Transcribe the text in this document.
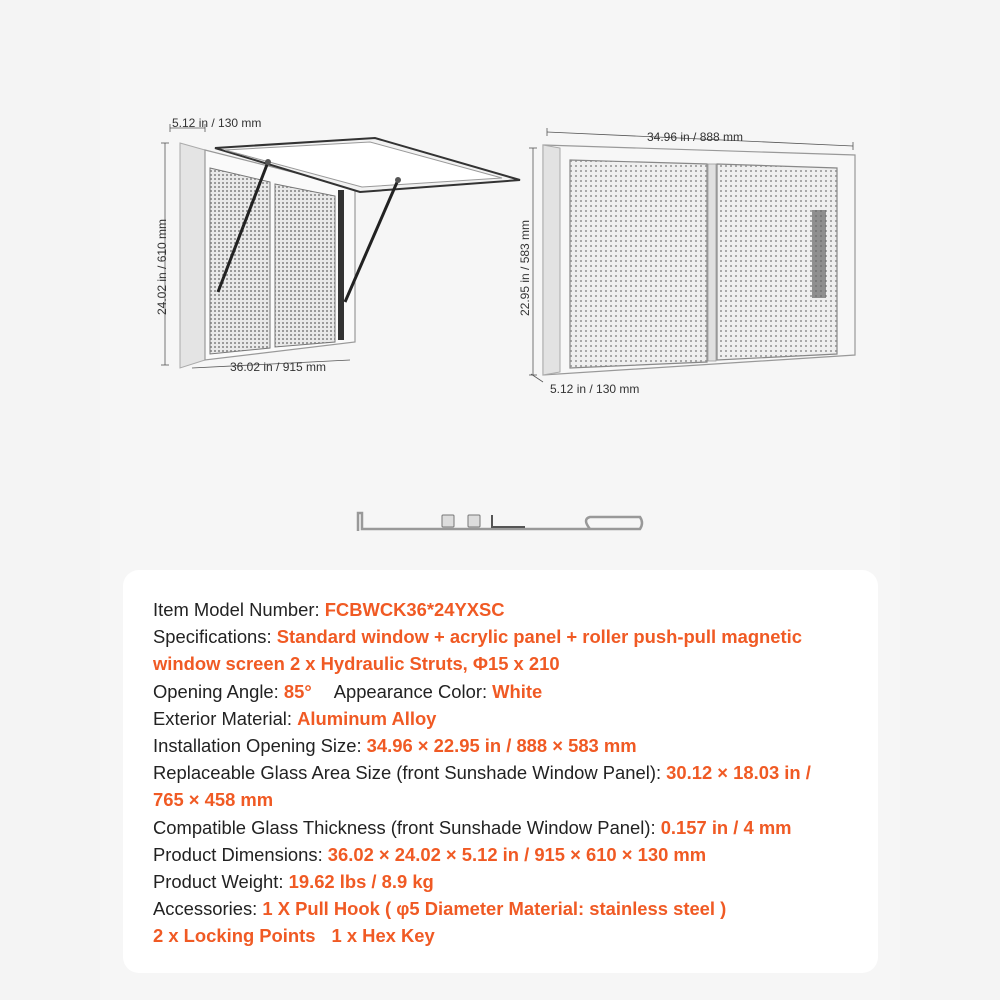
5.12 in / 130 mm
24.02 in / 610 mm
36.02 in / 915 mm
34.96 in / 888 mm
22.95 in / 583 mm
5.12 in / 130 mm
Item Model Number: FCBWCK36*24YXSC
Specifications: Standard window + acrylic panel + roller push-pull magnetic
window screen 2 x Hydraulic Struts, Φ15 x 210
Opening Angle: 85° Appearance Color: White
Exterior Material: Aluminum Alloy
Installation Opening Size: 34.96 × 22.95 in / 888 × 583 mm
Replaceable Glass Area Size (front Sunshade Window Panel): 30.12 × 18.03 in /
765 × 458 mm
Compatible Glass Thickness (front Sunshade Window Panel): 0.157 in / 4 mm
Product Dimensions: 36.02 × 24.02 × 5.12 in / 915 × 610 × 130 mm
Product Weight: 19.62 lbs / 8.9 kg
Accessories: 1 X Pull Hook ( φ5 Diameter Material: stainless steel )
2 x Locking Points 1 x Hex Key
